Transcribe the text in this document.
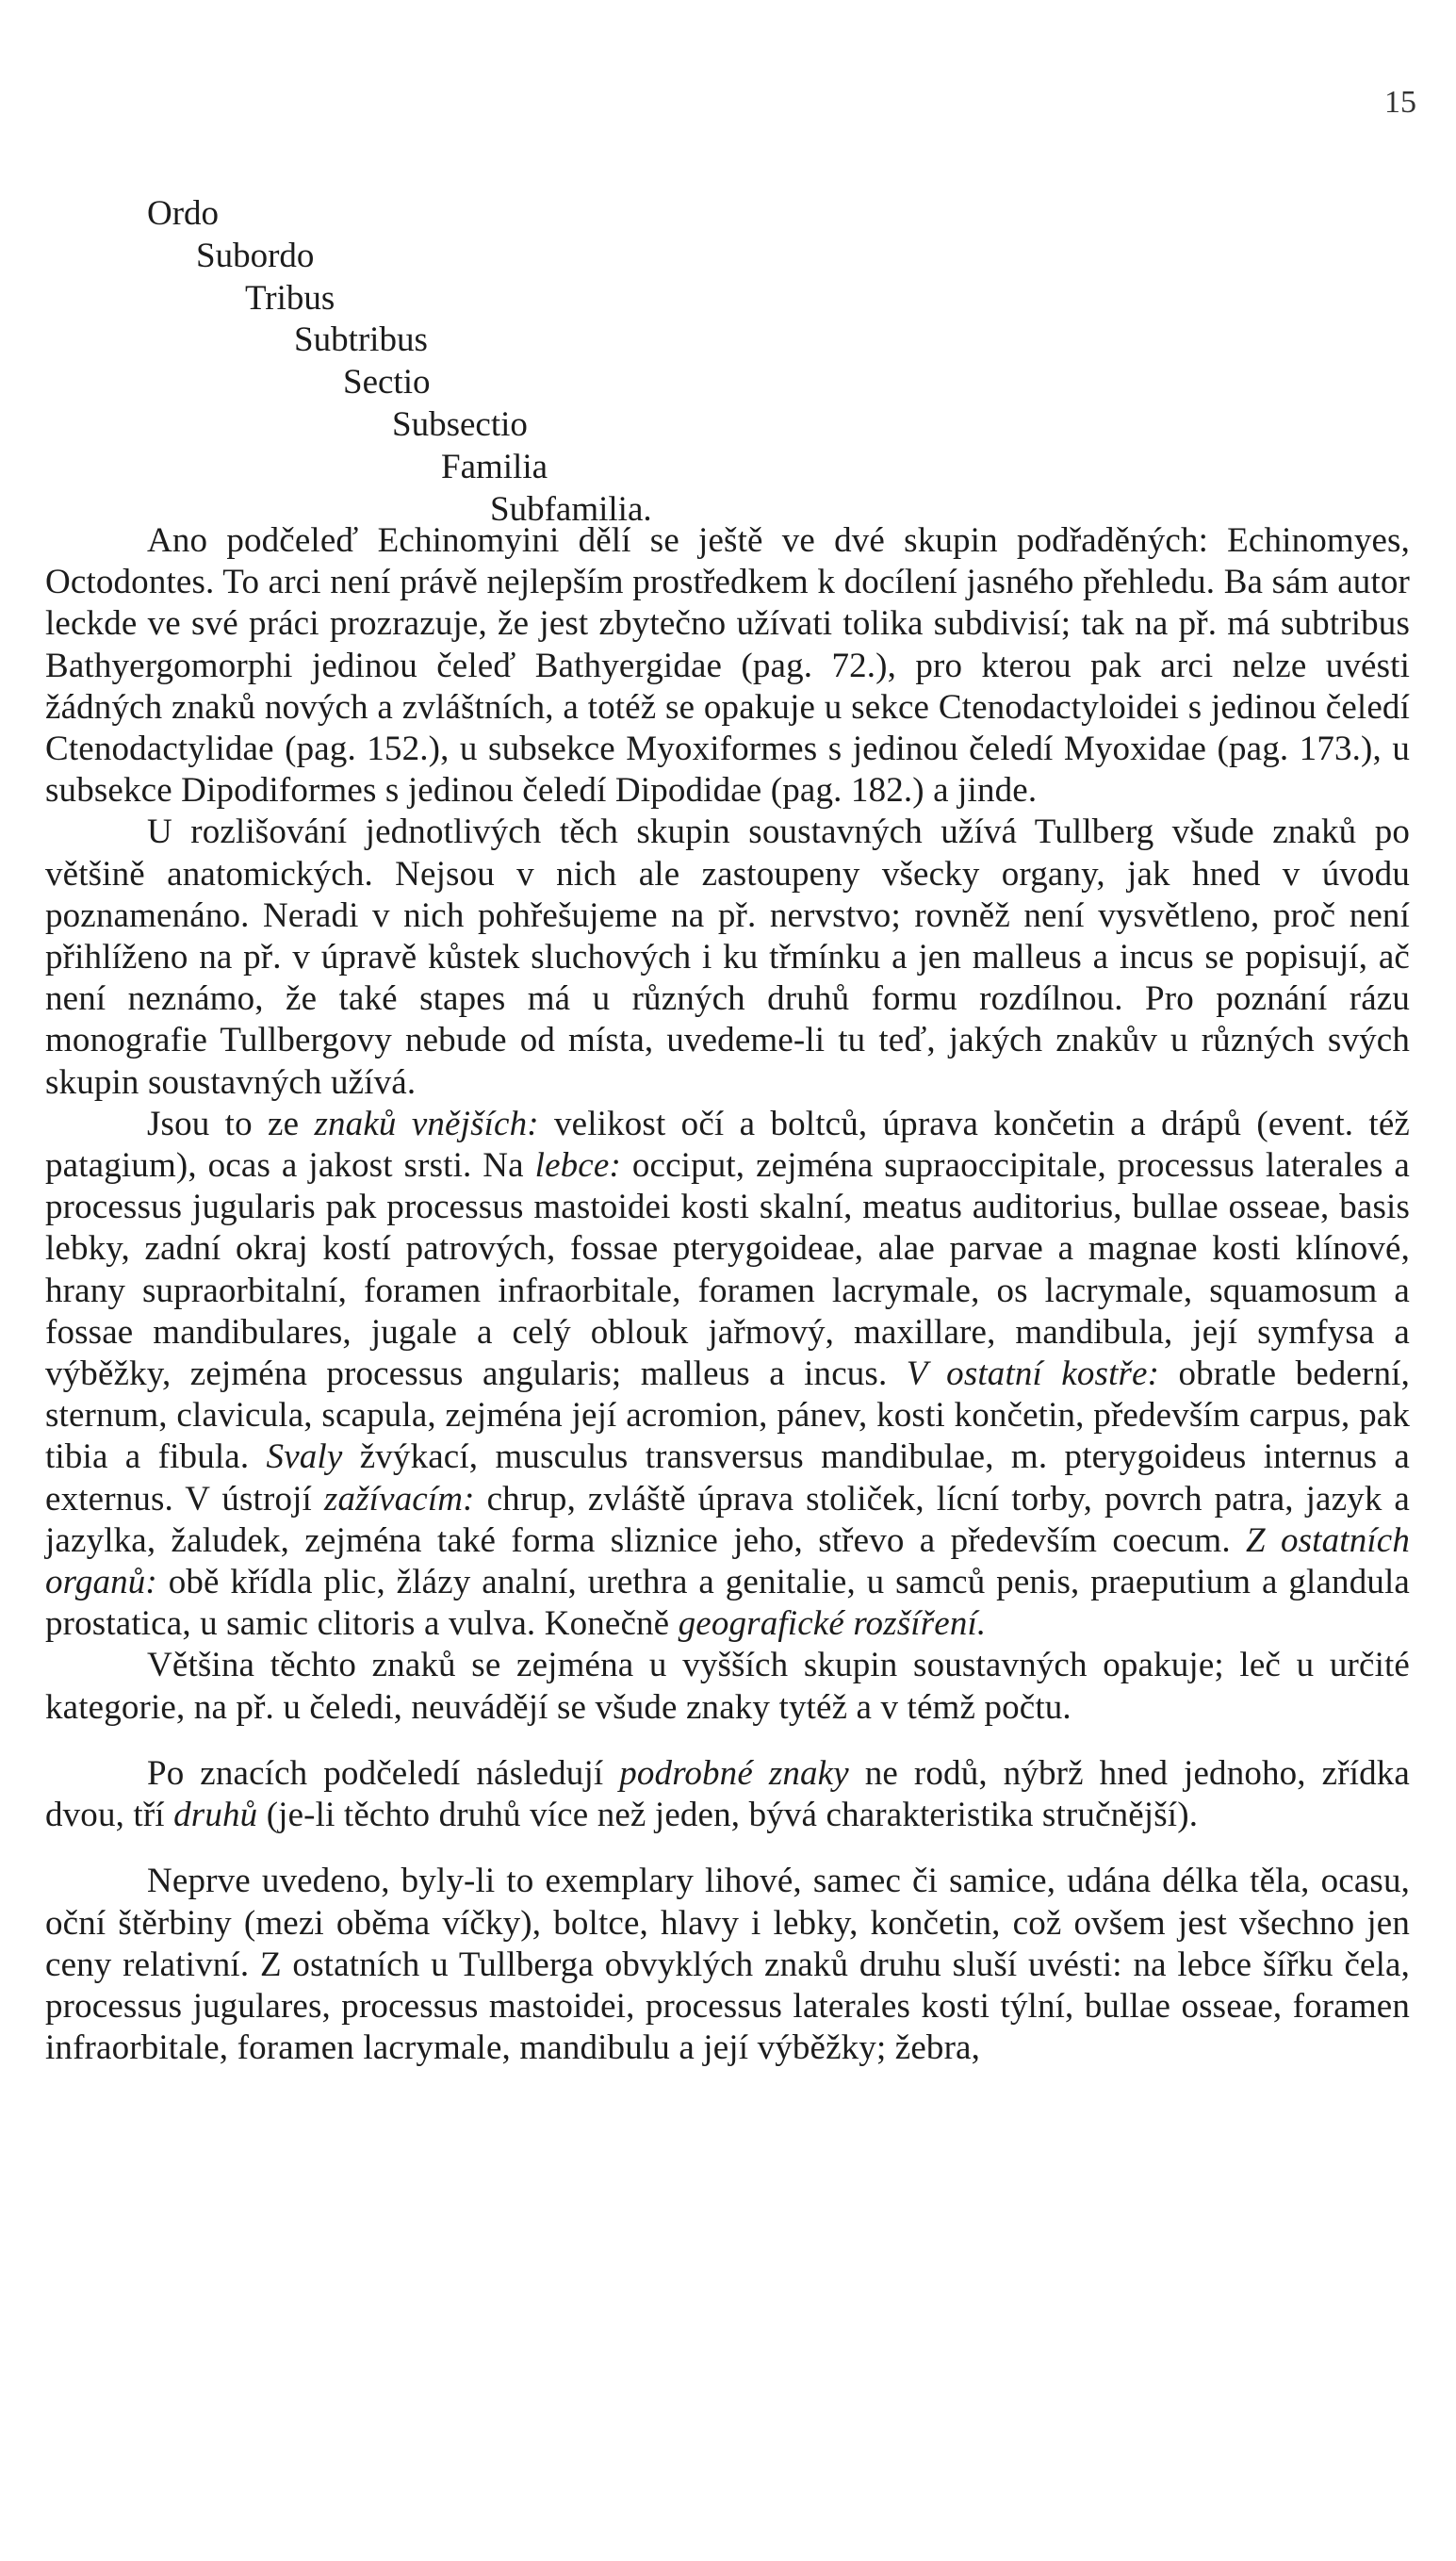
15
Ordo
Subordo
Tribus
Subtribus
Sectio
Subsectio
Familia
Subfamilia.

Ano podčeleď Echinomyini dělí se ještě ve dvé skupin podřaděných: Echinomyes, Octodontes. To arci není právě nejlepším prostředkem k docílení jasného přehledu. Ba sám autor leckde ve své práci prozrazuje, že jest zbytečno užívati tolika subdivisí; tak na př. má subtribus Bathyergomorphi jedinou čeleď Bathyergidae (pag. 72.), pro kterou pak arci nelze uvésti žádných znaků nových a zvláštních, a totéž se opakuje u sekce Ctenodactyloidei s jedinou čeledí Ctenodactylidae (pag. 152.), u subsekce Myoxiformes s jedinou čeledí Myoxidae (pag. 173.), u subsekce Dipodiformes s jedinou čeledí Dipodidae (pag. 182.) a jinde.

U rozlišování jednotlivých těch skupin soustavných užívá Tullberg všude znaků po většině anatomických. Nejsou v nich ale zastoupeny všecky organy, jak hned v úvodu poznamenáno. Neradi v nich pohřešujeme na př. nervstvo; rovněž není vysvětleno, proč není přihlíženo na př. v úpravě kůstek sluchových i ku třmínku a jen malleus a incus se popisují, ač není neznámo, že také stapes má u různých druhů formu rozdílnou. Pro poznání rázu monografie Tullbergovy nebude od místa, uvedeme-li tu teď, jakých znakův u různých svých skupin soustavných užívá.

Jsou to ze znaků vnějších: velikost očí a boltců, úprava končetin a drápů (event. též patagium), ocas a jakost srsti. Na lebce: occiput, zejména supraoccipitale, processus laterales a processus jugularis pak processus mastoidei kosti skalní, meatus auditorius, bullae osseae, basis lebky, zadní okraj kostí patrových, fossae pterygoideae, alae parvae a magnae kosti klínové, hrany supraorbitalní, foramen infraorbitale, foramen lacrymale, os lacrymale, squamosum a fossae mandibulares, jugale a celý oblouk jařmový, maxillare, mandibula, její symfysa a výběžky, zejména processus angularis; malleus a incus. V ostatní kostře: obratle bederní, sternum, clavicula, scapula, zejména její acromion, pánev, kosti končetin, především carpus, pak tibia a fibula. Svaly žvýkací, musculus transversus mandibulae, m. pterygoideus internus a externus. V ústrojí zažívacím: chrup, zvláště úprava stoliček, lícní torby, povrch patra, jazyk a jazylka, žaludek, zejména také forma sliznice jeho, střevo a především coecum. Z ostatních organů: obě křídla plic, žlázy analní, urethra a genitalie, u samců penis, praeputium a glandula prostatica, u samic clitoris a vulva. Konečně geografické rozšíření.

Většina těchto znaků se zejména u vyšších skupin soustavných opakuje; leč u určité kategorie, na př. u čeledi, neuvádějí se všude znaky tytéž a v témž počtu.

Po znacích podčeledí následují podrobné znaky ne rodů, nýbrž hned jednoho, zřídka dvou, tří druhů (je-li těchto druhů více než jeden, bývá charakteristika stručnější).

Neprve uvedeno, byly-li to exemplary lihové, samec či samice, udána délka těla, ocasu, oční štěrbiny (mezi oběma víčky), boltce, hlavy i lebky, končetin, což ovšem jest všechno jen ceny relativní. Z ostatních u Tullberga obvyklých znaků druhu sluší uvésti: na lebce šířku čela, processus jugulares, processus mastoidei, processus laterales kosti týlní, bullae osseae, foramen infraorbitale, foramen lacrymale, mandibulu a její výběžky; žebra,
